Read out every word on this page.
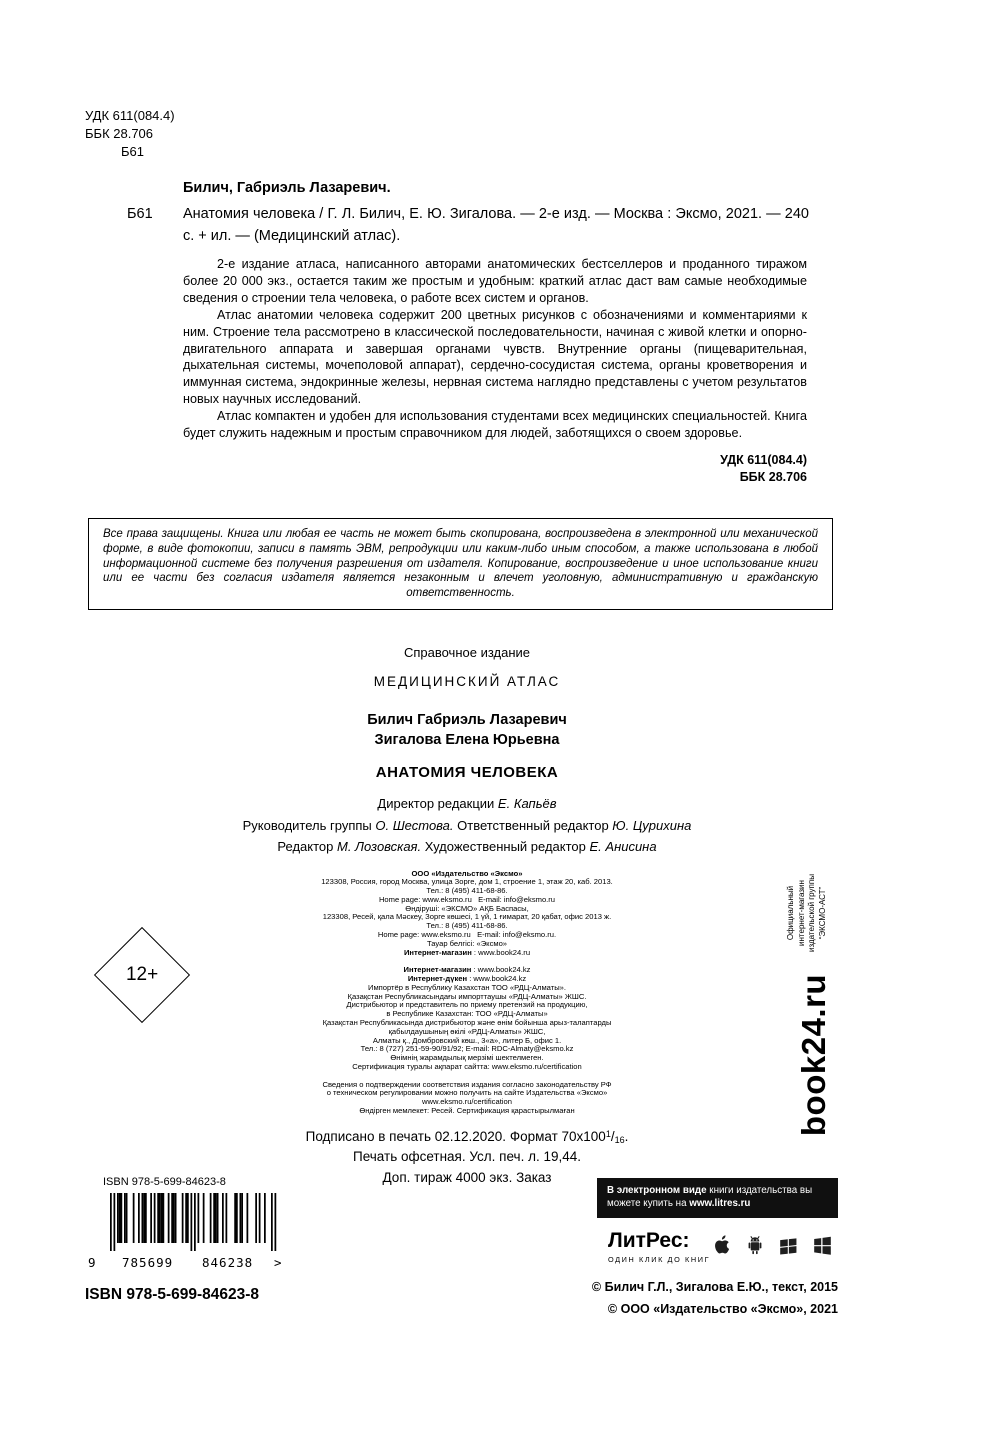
УДК 611(084.4)
ББК 28.706
Б61
Билич, Габриэль Лазаревич.
Б61 Анатомия человека / Г. Л. Билич, Е. Ю. Зигалова. — 2-е изд. — Москва : Эксмо, 2021. — 240 с. + ил. — (Медицинский атлас).

2-е издание атласа, написанного авторами анатомических бестселлеров и проданного тиражом более 20 000 экз., остается таким же простым и удобным: краткий атлас даст вам самые необходимые сведения о строении тела человека, о работе всех систем и органов.

Атлас анатомии человека содержит 200 цветных рисунков с обозначениями и комментариями к ним. Строение тела рассмотрено в классической последовательности, начиная с живой клетки и опорно-двигательного аппарата и завершая органами чувств. Внутренние органы (пищеварительная, дыхательная системы, мочеполовой аппарат), сердечно-сосудистая система, органы кроветворения и иммунная система, эндокринные железы, нервная система наглядно представлены с учетом результатов новых научных исследований.

Атлас компактен и удобен для использования студентами всех медицинских специальностей. Книга будет служить надежным и простым справочником для людей, заботящихся о своем здоровье.

УДК 611(084.4)
ББК 28.706
Все права защищены. Книга или любая ее часть не может быть скопирована, воспроизведена в электронной или механической форме, в виде фотокопии, записи в память ЭВМ, репродукции или каким-либо иным способом, а также использована в любой информационной системе без получения разрешения от издателя. Копирование, воспроизведение и иное использование книги или ее части без согласия издателя является незаконным и влечет уголовную, административную и гражданскую ответственность.
Справочное издание
МЕДИЦИНСКИЙ АТЛАС
Билич Габриэль Лазаревич
Зигалова Елена Юрьевна
АНАТОМИЯ ЧЕЛОВЕКА
Директор редакции Е. Капьёв
Руководитель группы О. Шестова. Ответственный редактор Ю. Цурихина
Редактор М. Лозовская. Художественный редактор Е. Анисина
ООО «Издательство «Эксмо»
123308, Россия, город Москва, улица Зорге, дом 1, строение 1, этаж 20, каб. 2013.
Тел.: 8 (495) 411-68-86.
Home page: www.eksmo.ru   E-mail: info@eksmo.ru
Өндіруші: «ЭКСМО» АҚБ Баспасы,
123308, Ресей, қала Мәскеу, Зорге көшесі, 1 үй, 1 ғимарат, 20 қабат, офис 2013 ж.
Тел.: 8 (495) 411-68-86.
Home page: www.eksmo.ru   E-mail: info@eksmo.ru.
Тауар белгісі: «Эксмо»
Интернет-магазин : www.book24.ru
Интернет-магазин : www.book24.kz
Интернет-дүкен : www.book24.kz
Импортёр в Республику Казахстан ТОО «РДЦ-Алматы».
Қазақстан Республикасындағы импорттаушы «РДЦ-Алматы» ЖШС.
Дистрибьютор и представитель по приему претензий на продукцию,
в Республике Казахстан: ТОО «РДЦ-Алматы»
Қазақстан Республикасында дистрибьютор және өнім бойынша арыз-талаптарды
қабылдаушының өкілі «РДЦ-Алматы» ЖШС,
Алматы қ., Домбровский көш., 3«а», литер Б, офис 1.
Тел.: 8 (727) 251-59-90/91/92; E-mail: RDC-Almaty@eksmo.kz
Өнімнің жарамдылық мерзімі шектелмеген.
Сертификация туралы ақпарат сайтта: www.eksmo.ru/certification
Сведения о подтверждении соответствия издания согласно законодательству РФ
о техническом регулировании можно получить на сайте Издательства «Эксмо»
www.eksmo.ru/certification
Өндірген мемлекет: Ресей. Сертификация қарастырылмаған
Подписано в печать 02.12.2020. Формат $70x100^1/_{16}$.
Печать офсетная. Усл. печ. л. 19,44.
Доп. тираж 4000 экз. Заказ
12+
Официальный интернет-магазин издательской группы “ЭКСМО-АСТ”
book24.ru
ISBN 978-5-699-84623-8
9 785699 846238 >
ISBN 978-5-699-84623-8
В электронном виде книги издательства вы можете купить на www.litres.ru
ЛитРес:
ОДИН КЛИК ДО КНИГ
© Билич Г.Л., Зигалова Е.Ю., текст, 2015
© ООО «Издательство «Эксмо», 2021
